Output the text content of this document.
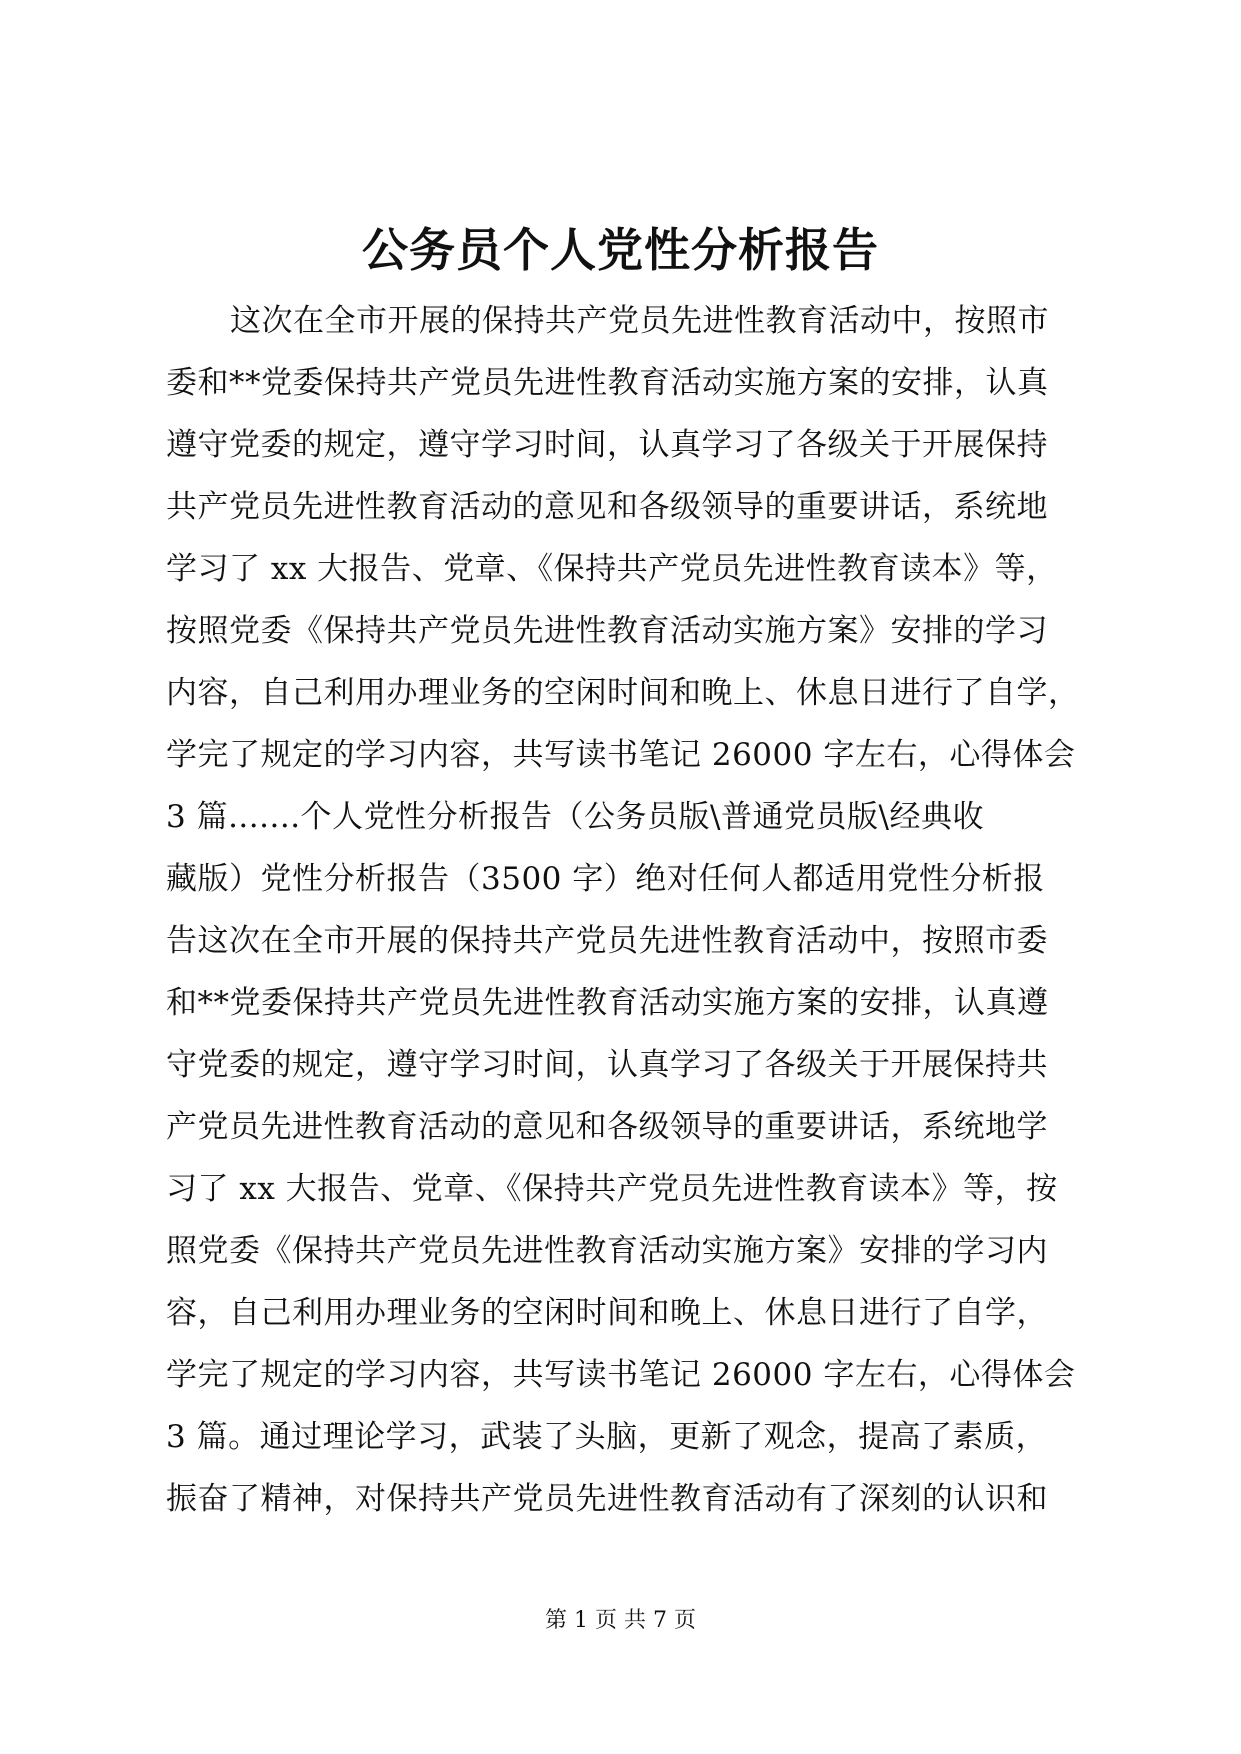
公务员个人党性分析报告
这次在全市开展的保持共产党员先进性教育活动中，按照市
委和**党委保持共产党员先进性教育活动实施方案的安排，认真
遵守党委的规定，遵守学习时间，认真学习了各级关于开展保持
共产党员先进性教育活动的意见和各级领导的重要讲话，系统地
学习了 xx 大报告、党章、《保持共产党员先进性教育读本》等，
按照党委《保持共产党员先进性教育活动实施方案》安排的学习
内容，自己利用办理业务的空闲时间和晚上、休息日进行了自学，
学完了规定的学习内容，共写读书笔记 26000 字左右，心得体会
3 篇.......个人党性分析报告（公务员版\普通党员版\经典收
藏版）党性分析报告（3500 字）绝对任何人都适用党性分析报
告这次在全市开展的保持共产党员先进性教育活动中，按照市委
和**党委保持共产党员先进性教育活动实施方案的安排，认真遵
守党委的规定，遵守学习时间，认真学习了各级关于开展保持共
产党员先进性教育活动的意见和各级领导的重要讲话，系统地学
习了 xx 大报告、党章、《保持共产党员先进性教育读本》等，按
照党委《保持共产党员先进性教育活动实施方案》安排的学习内
容，自己利用办理业务的空闲时间和晚上、休息日进行了自学，
学完了规定的学习内容，共写读书笔记 26000 字左右，心得体会
3 篇。通过理论学习，武装了头脑，更新了观念，提高了素质，
振奋了精神，对保持共产党员先进性教育活动有了深刻的认识和
第 1 页 共 7 页
